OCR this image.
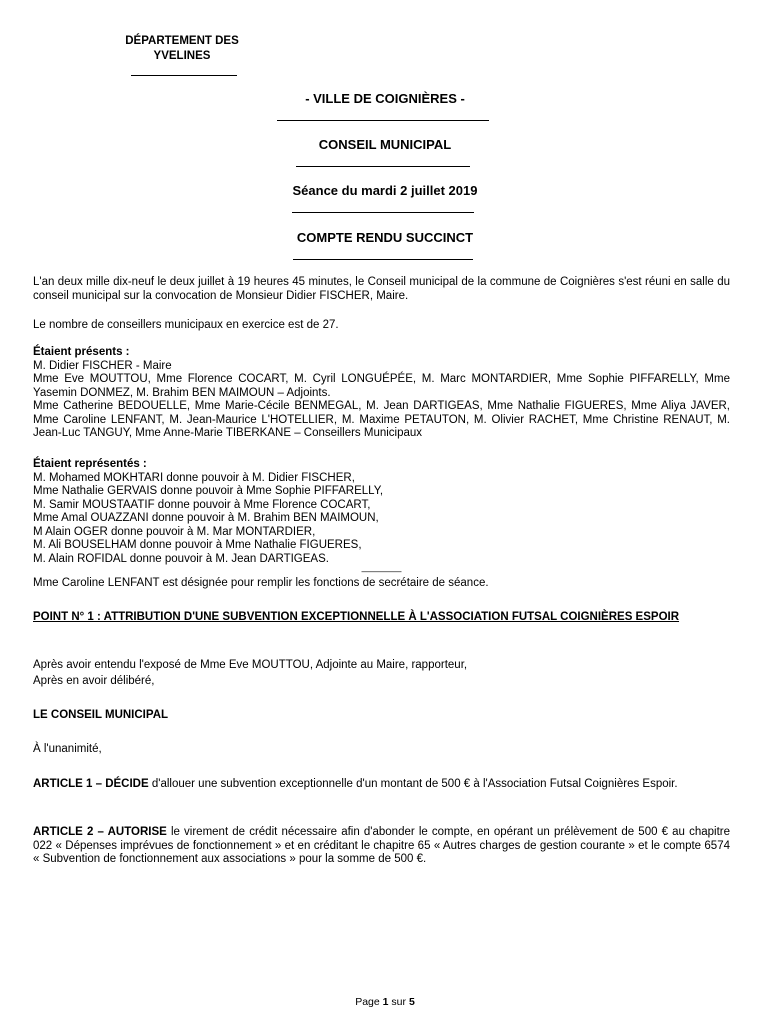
DÉPARTEMENT DES
YVELINES
- VILLE DE COIGNIÈRES -
CONSEIL MUNICIPAL
Séance du mardi 2 juillet 2019
COMPTE RENDU SUCCINCT

L'an deux mille dix-neuf le deux juillet à 19 heures 45 minutes, le Conseil municipal de la commune de Coignières s'est réuni en salle du conseil municipal sur la convocation de Monsieur Didier FISCHER, Maire.

Le nombre de conseillers municipaux en exercice est de 27.

Étaient présents :

M. Didier FISCHER - Maire

Mme Eve MOUTTOU, Mme Florence COCART, M. Cyril LONGUÉPÉE, M. Marc MONTARDIER, Mme Sophie PIFFARELLY, Mme Yasemin DONMEZ, M. Brahim BEN MAIMOUN – Adjoints.

Mme Catherine BEDOUELLE, Mme Marie-Cécile BENMEGAL, M. Jean DARTIGEAS, Mme Nathalie FIGUERES, Mme Aliya JAVER, Mme Caroline LENFANT, M. Jean-Maurice L'HOTELLIER, M. Maxime PETAUTON, M. Olivier RACHET, Mme Christine RENAUT, M. Jean-Luc TANGUY, Mme Anne-Marie TIBERKANE – Conseillers Municipaux

Étaient représentés :

M. Mohamed MOKHTARI donne pouvoir à M. Didier FISCHER,
Mme Nathalie GERVAIS donne pouvoir à Mme Sophie PIFFARELLY,
M. Samir MOUSTAATIF donne pouvoir à Mme Florence COCART,
Mme Amal OUAZZANI donne pouvoir à M. Brahim BEN MAIMOUN,
M Alain OGER donne pouvoir à M. Mar MONTARDIER,
M. Ali BOUSELHAM donne pouvoir à Mme Nathalie FIGUERES,
M. Alain ROFIDAL donne pouvoir à M. Jean DARTIGEAS.

––––––––

Mme Caroline LENFANT est désignée pour remplir les fonctions de secrétaire de séance.

POINT N° 1 : ATTRIBUTION D'UNE SUBVENTION EXCEPTIONNELLE À L'ASSOCIATION FUTSAL COIGNIÈRES ESPOIR

Après avoir entendu l'exposé de Mme Eve MOUTTOU, Adjointe au Maire, rapporteur,

Après en avoir délibéré,

LE CONSEIL MUNICIPAL

À l'unanimité,

ARTICLE 1 – DÉCIDE d'allouer une subvention exceptionnelle d'un montant de 500 € à l'Association Futsal Coignières Espoir.

ARTICLE 2 – AUTORISE le virement de crédit nécessaire afin d'abonder le compte, en opérant un prélèvement de 500 € au chapitre 022 « Dépenses imprévues de fonctionnement » et en créditant le chapitre 65 « Autres charges de gestion courante » et le compte 6574 « Subvention de fonctionnement aux associations » pour la somme de 500 €.

Page 1 sur 5
